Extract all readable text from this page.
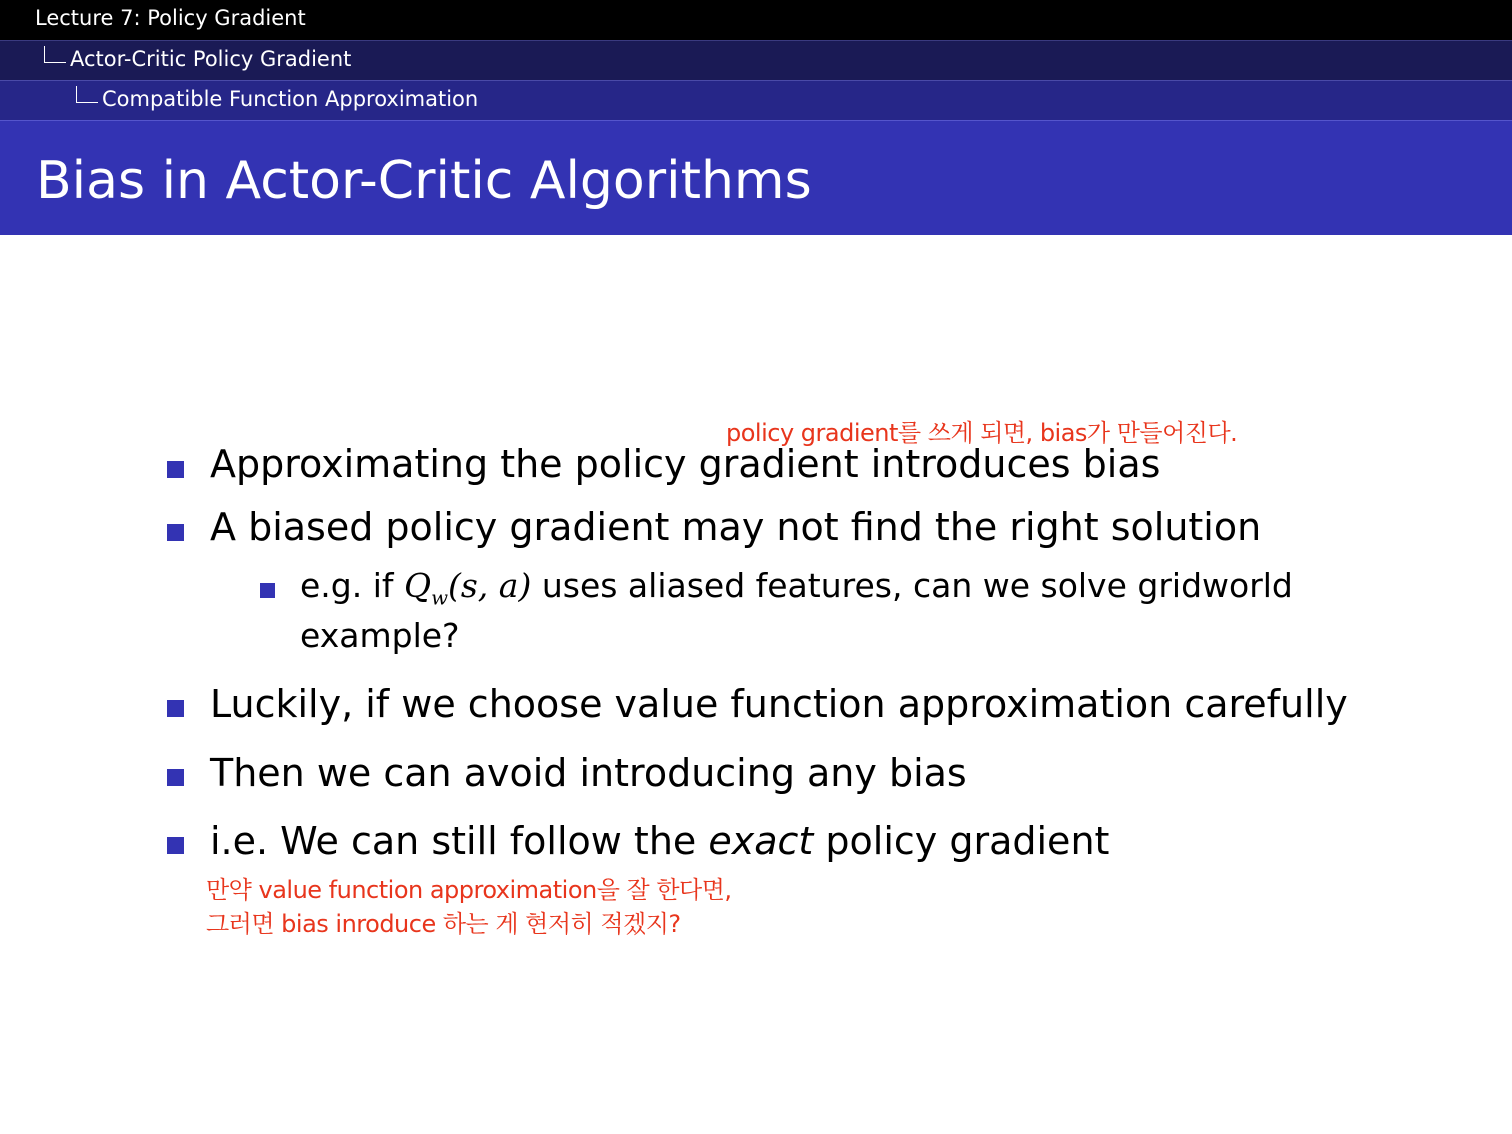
Lecture 7: Policy Gradient
Actor-Critic Policy Gradient
Compatible Function Approximation
Bias in Actor-Critic Algorithms
policy gradient를 쓰게 되면, bias가 만들어진다.
Approximating the policy gradient introduces bias
A biased policy gradient may not find the right solution
e.g. if $Q_w(s$, a) uses aliased features, can we solve gridworld
example?
Luckily, if we choose value function approximation carefully
Then we can avoid introducing any bias
i.e. We can still follow the exact policy gradient
만약 value function approximation을 잘 한다면,
그러면 bias inroduce 하는 게 현저히 적겠지?
